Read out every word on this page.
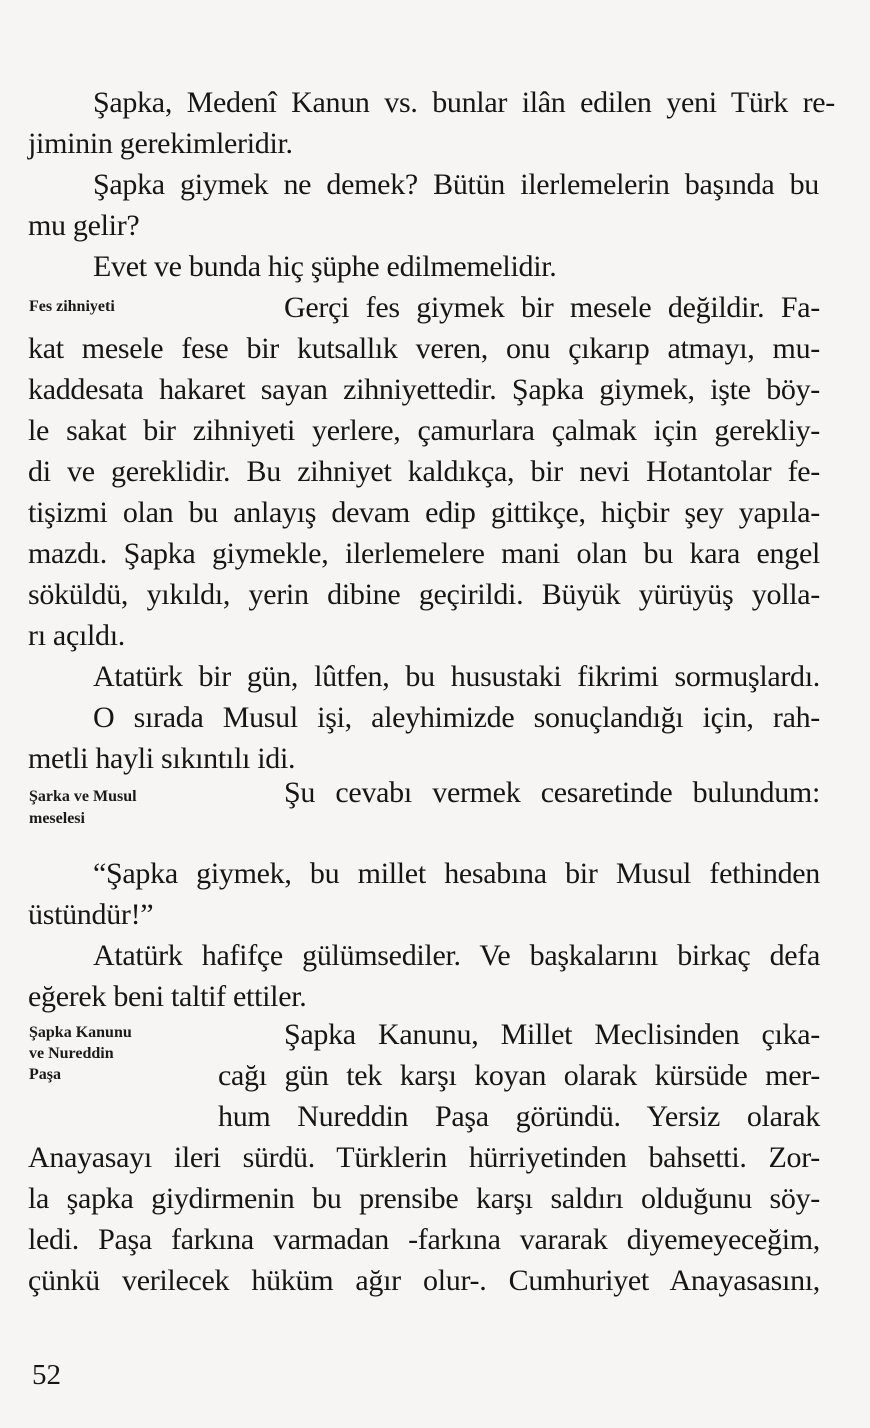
Şapka, Medenî Kanun vs. bunlar ilân edilen yeni Türk re-
jiminin gerekimleridir.
Şapka giymek ne demek? Bütün ilerlemelerin başında bu
mu gelir?
Evet ve bunda hiç şüphe edilmemelidir.
Fes zihniyeti	Gerçi fes giymek bir mesele değildir. Fa-
kat mesele fese bir kutsallık veren, onu çıkarıp atmayı, mu-
kaddesata hakaret sayan zihniyettedir. Şapka giymek, işte böy-
le sakat bir zihniyeti yerlere, çamurlara çalmak için gerekliy-
di ve gereklidir. Bu zihniyet kaldıkça, bir nevi Hotantolar fe-
tişizmi olan bu anlayış devam edip gittikçe, hiçbir şey yapıla-
mazdı. Şapka giymekle, ilerlemelere mani olan bu kara engel
söküldü, yıkıldı, yerin dibine geçirildi. Büyük yürüyüş yolla-
rı açıldı.
Atatürk bir gün, lûtfen, bu husustaki fikrimi sormuşlardı.
O sırada Musul işi, aleyhimizde sonuçlandığı için, rah-
metli hayli sıkıntılı idi.
Şarka ve Musul
meselesi
Şu cevabı vermek cesaretinde bulundum:
“Şapka giymek, bu millet hesabına bir Musul fethinden
üstündür!”
Atatürk hafifçe gülümsediler. Ve başkalarını birkaç defa
eğerek beni taltif ettiler.
Şapka Kanunu
ve Nureddin
Paşa
Şapka Kanunu, Millet Meclisinden çıka-
cağı gün tek karşı koyan olarak kürsüde mer-
hum Nureddin Paşa göründü. Yersiz olarak
Anayasayı ileri sürdü. Türklerin hürriyetinden bahsetti. Zor-
la şapka giydirmenin bu prensibe karşı saldırı olduğunu söy-
ledi. Paşa farkına varmadan -farkına vararak diyemeyeceğim,
çünkü verilecek hüküm ağır olur-. Cumhuriyet Anayasasını,
52
